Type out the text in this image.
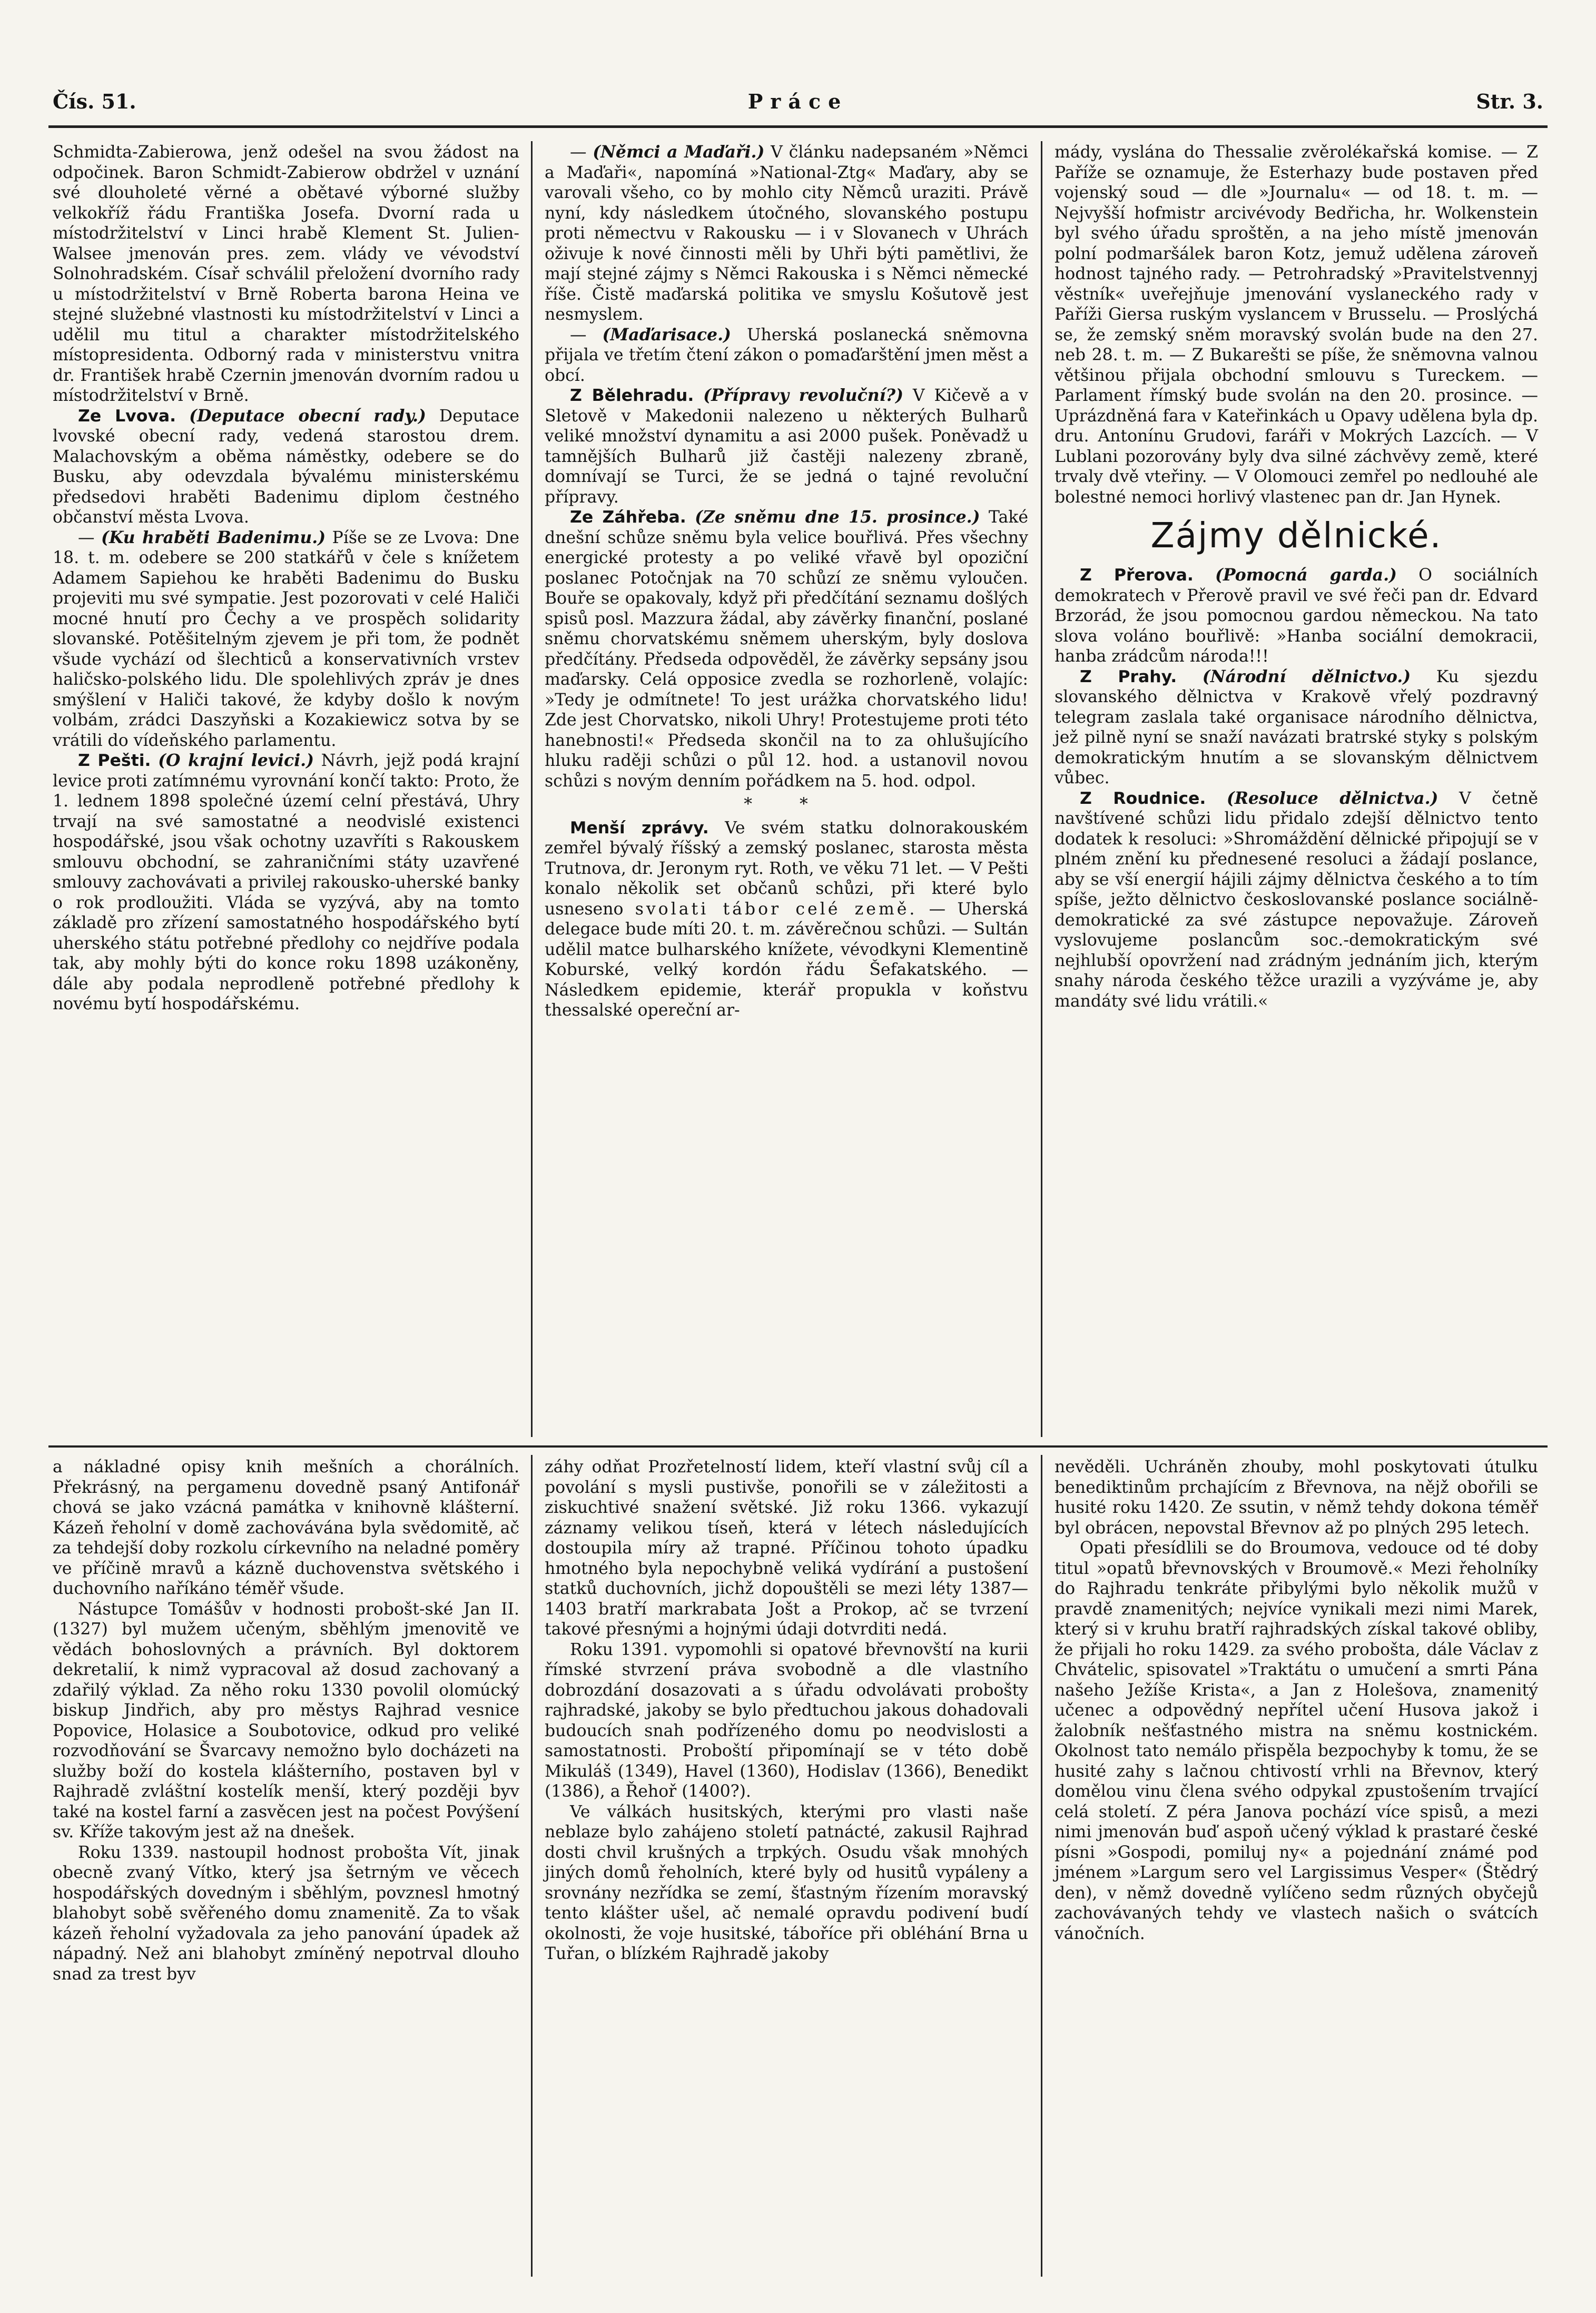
Čís. 51.	Práce	Str. 3.

Schmidta-Zabierowa, jenž odešel na svou žádost na odpočinek. Baron Schmidt-Zabierow obdržel v uznání své dlouholeté věrné a obětavé výborné služby velkokříž řádu Františka Josefa. Dvorní rada u místodržitelství v Linci hrabě Klement St. Julien-Walsee jmenován pres. zem. vlády ve vévodství Solnohradském. Císař schválil přeložení dvorního rady u místodržitelství v Brně Roberta barona Heina ve stejné služebné vlastnosti ku místodržitelství v Linci a udělil mu titul a charakter místodržitelského místopresidenta. Odborný rada v ministerstvu vnitra dr. František hrabě Czernin jmenován dvorním radou u místodržitelství v Brně.

Ze Lvova. (Deputace obecní rady.) Deputace lvovské obecní rady, vedená starostou drem. Malachovským a oběma náměstky, odebere se do Busku, aby odevzdala bývalému ministerskému předsedovi hraběti Badenimu diplom čestného občanství města Lvova.

— (Ku hraběti Badenimu.) Píše se ze Lvova: Dne 18. t. m. odebere se 200 statkářů v čele s knížetem Adamem Sapiehou ke hraběti Badenimu do Busku projeviti mu své sympatie. Jest pozorovati v celé Haliči mocné hnutí pro Čechy a ve prospěch solidarity slovanské. Potěšitelným zjevem je při tom, že podnět všude vychází od šlechticů a konservativních vrstev haličsko-polského lidu. Dle spolehlivých zpráv je dnes smýšlení v Haliči takové, že kdyby došlo k novým volbám, zrádci Daszyňski a Kozakiewicz sotva by se vrátili do vídeňského parlamentu.

Z Pešti. (O krajní levici.) Návrh, jejž podá krajní levice proti zatímnému vyrovnání končí takto: Proto, že 1. lednem 1898 společné území celní přestává, Uhry trvají na své samostatné a neodvislé existenci hospodářské, jsou však ochotny uzavříti s Rakouskem smlouvu obchodní, se zahraničními státy uzavřené smlouvy zachovávati a privilej rakousko-uherské banky o rok prodloužiti. Vláda se vyzývá, aby na tomto základě pro zřízení samostatného hospodářského bytí uherského státu potřebné předlohy co nejdříve podala tak, aby mohly býti do konce roku 1898 uzákoněny, dále aby podala neprodleně potřebné předlohy k novému bytí hospodářskému.

— (Němci a Maďaři.) V článku nadepsaném »Němci a Maďaři«, napomíná »National-Ztg« Maďary, aby se varovali všeho, co by mohlo city Němců uraziti. Právě nyní, kdy následkem útočného, slovanského postupu proti němectvu v Rakousku — i v Slovanech v Uhrách oživuje k nové činnosti měli by Uhři býti pamětlivi, že mají stejné zájmy s Němci Rakouska i s Němci německé říše. Čistě maďarská politika ve smyslu Košutově jest nesmyslem.

— (Maďarisace.) Uherská poslanecká sněmovna přijala ve třetím čtení zákon o pomaďarštění jmen měst a obcí.

Z Bělehradu. (Přípravy revoluční?) V Kičevě a v Sletově v Makedonii nalezeno u některých Bulharů veliké množství dynamitu a asi 2000 pušek. Poněvadž u tamnějších Bulharů již častěji nalezeny zbraně, domnívají se Turci, že se jedná o tajné revoluční přípravy.

Ze Záhřeba. (Ze sněmu dne 15. prosince.) Také dnešní schůze sněmu byla velice bouřlivá. Přes všechny energické protesty a po veliké vřavě byl opoziční poslanec Potočnjak na 70 schůzí ze sněmu vyloučen. Bouře se opakovaly, když při předčítání seznamu došlých spisů posl. Mazzura žádal, aby závěrky finanční, poslané sněmu chorvatskému sněmem uherským, byly doslova předčítány. Předseda odpověděl, že závěrky sepsány jsou maďarsky. Celá opposice zvedla se rozhorleně, volajíc: »Tedy je odmítnete! To jest urážka chorvatského lidu! Zde jest Chorvatsko, nikoli Uhry! Protestujeme proti této hanebnosti!« Předseda skončil na to za ohlušujícího hluku raději schůzi o půl 12. hod. a ustanovil novou schůzi s novým denním pořádkem na 5. hod. odpol.

* *

Menší zprávy. Ve svém statku dolnorakouském zemřel bývalý říšský a zemský poslanec, starosta města Trutnova, dr. Jeronym ryt. Roth, ve věku 71 let. — V Pešti konalo několik set občanů schůzi, při které bylo usneseno svolati tábor celé země. — Uherská delegace bude míti 20. t. m. závěrečnou schůzi. — Sultán udělil matce bulharského knížete, vévodkyni Klementině Koburské, velký kordón řádu Šefakatského. — Následkem epidemie, kterář propukla v koňstvu thessalské opereční ar-

mády, vyslána do Thessalie zvěrolékařská komise. — Z Paříže se oznamuje, že Esterhazy bude postaven před vojenský soud — dle »Journalu« — od 18. t. m. — Nejvyšší hofmistr arcivévody Bedřicha, hr. Wolkenstein byl svého úřadu sproštěn, a na jeho místě jmenován polní podmaršálek baron Kotz, jemuž udělena zároveň hodnost tajného rady. — Petrohradský »Pravitelstvennyj věstník« uveřejňuje jmenování vyslaneckého rady v Paříži Giersa ruským vyslancem v Brusselu. — Proslýchá se, že zemský sněm moravský svolán bude na den 27. neb 28. t. m. — Z Bukarešti se píše, že sněmovna valnou většinou přijala obchodní smlouvu s Tureckem. — Parlament římský bude svolán na den 20. prosince. — Uprázdněná fara v Kateřinkách u Opavy udělena byla dp. dru. Antonínu Grudovi, faráři v Mokrých Lazcích. — V Lublani pozorovány byly dva silné záchvěvy země, které trvaly dvě vteřiny. — V Olomouci zemřel po nedlouhé ale bolestné nemoci horlivý vlastenec pan dr. Jan Hynek.

Zájmy dělnické.

Z Přerova. (Pomocná garda.) O sociálních demokratech v Přerově pravil ve své řeči pan dr. Edvard Brzorád, že jsou pomocnou gardou německou. Na tato slova voláno bouřlivě: »Hanba sociální demokracii, hanba zrádcům národa!!!

Z Prahy. (Národní dělnictvo.) Ku sjezdu slovanského dělnictva v Krakově vřelý pozdravný telegram zaslala také organisace národního dělnictva, jež pilně nyní se snaží navázati bratrské styky s polským demokratickým hnutím a se slovanským dělnictvem vůbec.

Z Roudnice. (Resoluce dělnictva.) V četně navštívené schůzi lidu přidalo zdejší dělnictvo tento dodatek k resoluci: »Shromáždění dělnické připojují se v plném znění ku přednesené resoluci a žádají poslance, aby se vší energií hájili zájmy dělnictva českého a to tím spíše, ježto dělnictvo českoslovanské poslance sociálně-demokratické za své zástupce nepovažuje. Zároveň vyslovujeme poslancům soc.-demokratickým své nejhlubší opovržení nad zrádným jednáním jich, kterým snahy národa českého těžce urazili a vyzýváme je, aby mandáty své lidu vrátili.«

a nákladné opisy knih mešních a chorálních. Překrásný, na pergamenu dovedně psaný Antifonář chová se jako vzácná památka v knihovně klášterní. Kázeň řeholní v domě zachovávána byla svědomitě, ač za tehdejší doby rozkolu církevního na neladné poměry ve příčině mravů a kázně duchovenstva světského i duchovního naříkáno téměř všude.

Nástupce Tomášův v hodnosti probošt-ské Jan II. (1327) byl mužem učeným, sběhlým jmenovitě ve vědách bohoslovných a právních. Byl doktorem dekretalií, k nimž vypracoval až dosud zachovaný a zdařilý výklad. Za něho roku 1330 povolil olomúcký biskup Jindřich, aby pro městys Rajhrad vesnice Popovice, Holasice a Soubotovice, odkud pro veliké rozvodňování se Švarcavy nemožno bylo docházeti na služby boží do kostela klášterního, postaven byl v Rajhradě zvláštní kostelík menší, který později byv také na kostel farní a zasvěcen jest na počest Povýšení sv. Kříže takovým jest až na dnešek.

Roku 1339. nastoupil hodnost probošta Vít, jinak obecně zvaný Vítko, který jsa šetrným ve věcech hospodářských dovedným i sběhlým, povznesl hmotný blahobyt sobě svěřeného domu znamenitě. Za to však kázeň řeholní vyžadovala za jeho panování úpadek až nápadný. Než ani blahobyt zmíněný nepotrval dlouho snad za trest byv

záhy odňat Prozřetelností lidem, kteří vlastní svůj cíl a povolání s mysli pustivše, ponořili se v záležitosti a ziskuchtivé snažení světské. Již roku 1366. vykazují záznamy velikou tíseň, která v létech následujících dostoupila míry až trapné. Příčinou tohoto úpadku hmotného byla nepochybně veliká vydírání a pustošení statků duchovních, jichž dopouštěli se mezi léty 1387—1403 bratří markrabata Jošt a Prokop, ač se tvrzení takové přesnými a hojnými údaji dotvrditi nedá.

Roku 1391. vypomohli si opatové břevnovští na kurii římské stvrzení práva svobodně a dle vlastního dobrozdání dosazovati a s úřadu odvolávati probošty rajhradské, jakoby se bylo předtuchou jakous dohadovali budoucích snah podřízeného domu po neodvislosti a samostatnosti. Proboští připomínají se v této době Mikuláš (1349), Havel (1360), Hodislav (1366), Benedikt (1386), a Řehoř (1400?).

Ve válkách husitských, kterými pro vlasti naše neblaze bylo zahájeno století patnácté, zakusil Rajhrad dosti chvil krušných a trpkých. Osudu však mnohých jiných domů řeholních, které byly od husitů vypáleny a srovnány nezřídka se zemí, šťastným řízením moravský tento klášter ušel, ač nemalé opravdu podivení budí okolnosti, že voje husitské, táboříce při obléhání Brna u Tuřan, o blízkém Rajhradě jakoby

nevěděli. Uchráněn zhouby, mohl poskytovati útulku benediktinům prchajícím z Břevnova, na nějž obořili se husité roku 1420. Ze ssutin, v němž tehdy dokona téměř byl obrácen, nepovstal Břevnov až po plných 295 letech.

Opati přesídlili se do Broumova, vedouce od té doby titul »opatů břevnovských v Broumově.« Mezi řeholníky do Rajhradu tenkráte přibylými bylo několik mužů v pravdě znamenitých; nejvíce vynikali mezi nimi Marek, který si v kruhu bratří rajhradských získal takové obliby, že přijali ho roku 1429. za svého probošta, dále Václav z Chvátelic, spisovatel »Traktátu o umučení a smrti Pána našeho Ježíše Krista«, a Jan z Holešova, znamenitý učenec a odpovědný nepřítel učení Husova jakož i žalobník nešťastného mistra na sněmu kostnickém. Okolnost tato nemálo přispěla bezpochyby k tomu, že se husité zahy s lačnou chtivostí vrhli na Břevnov, který domělou vinu člena svého odpykal zpustošením trvající celá století. Z péra Janova pochází více spisů, a mezi nimi jmenován buď aspoň učený výklad k prastaré české písni »Gospodi, pomiluj ny« a pojednání známé pod jménem »Largum sero vel Largissimus Vesper« (Štědrý den), v němž dovedně vylíčeno sedm různých obyčejů zachovávaných tehdy ve vlastech našich o svátcích vánočních.
